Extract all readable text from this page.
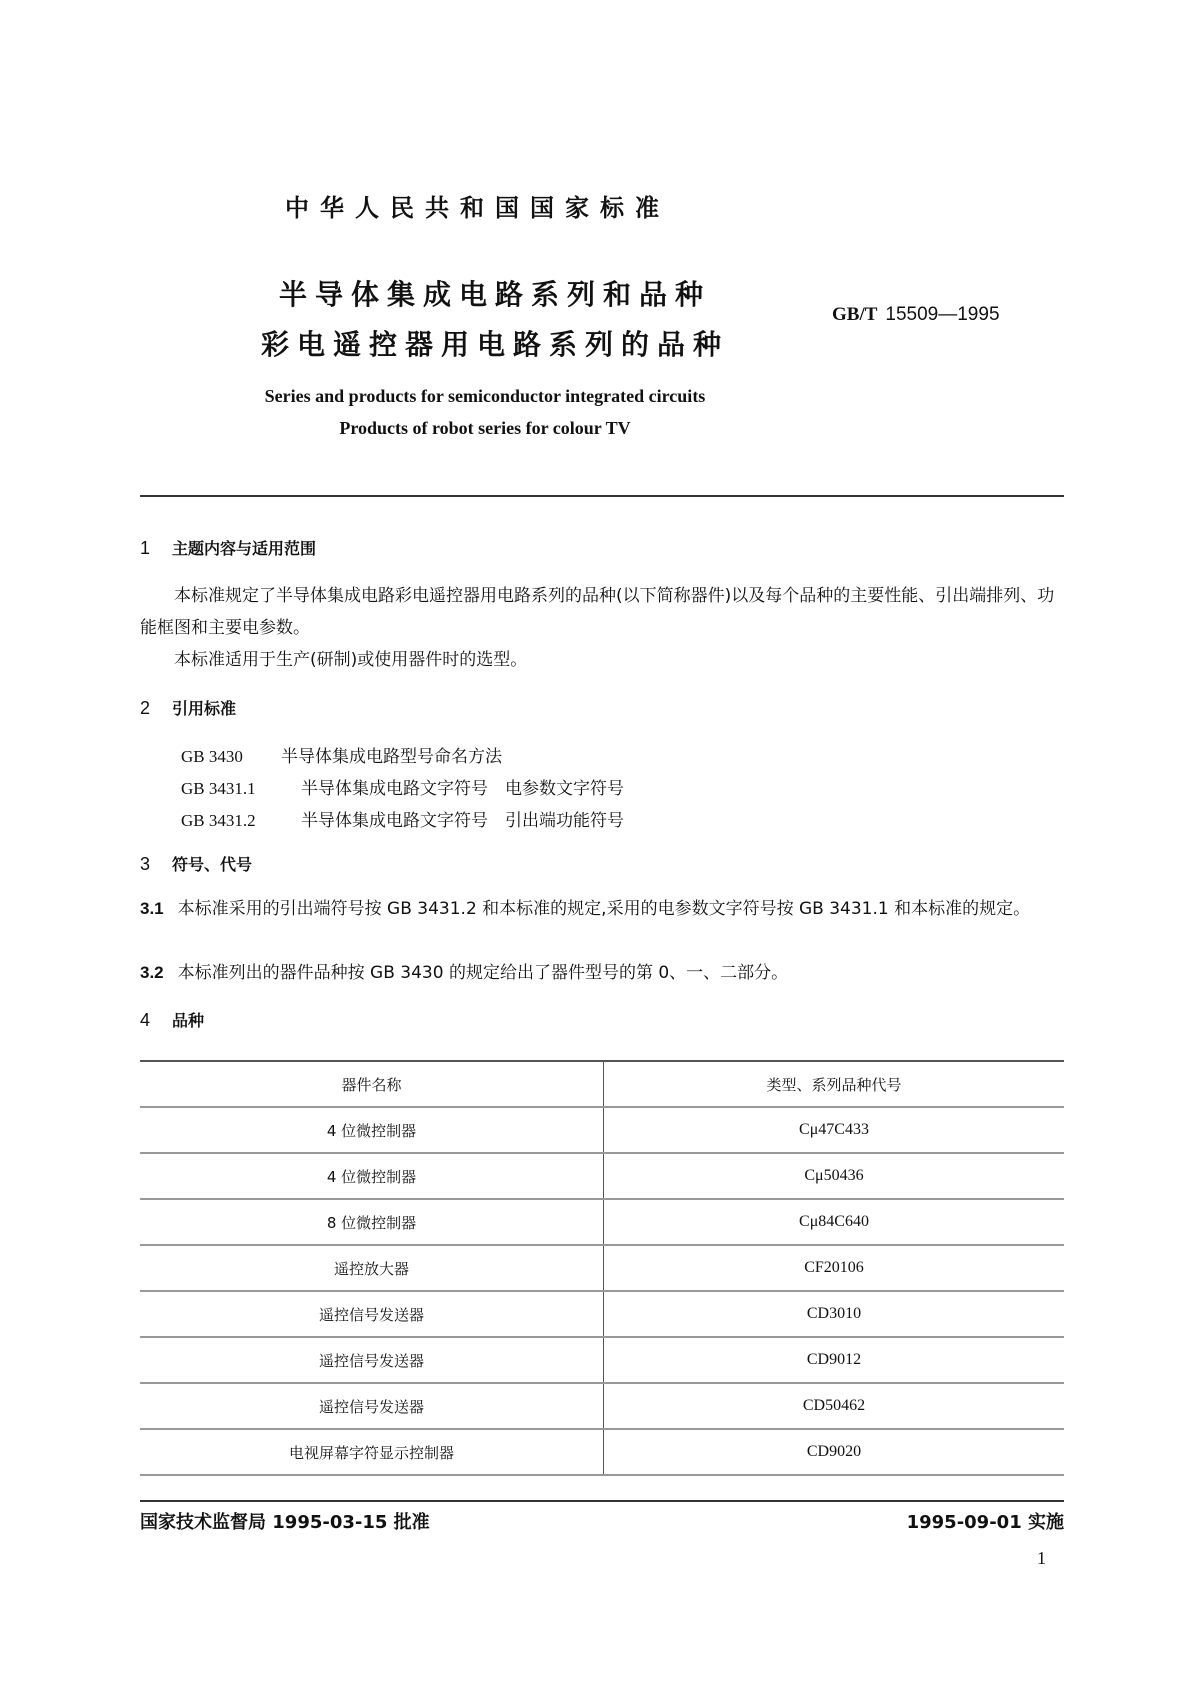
中华人民共和国国家标准
半导体集成电路系列和品种
彩电遥控器用电路系列的品种
GB/T 15509—1995
Series and products for semiconductor integrated circuits
Products of robot series for colour TV
1 主题内容与适用范围
本标准规定了半导体集成电路彩电遥控器用电路系列的品种(以下简称器件)以及每个品种的主要性能、引出端排列、功能框图和主要电参数。
本标准适用于生产(研制)或使用器件时的选型。
2 引用标准
GB 3430 半导体集成电路型号命名方法
GB 3431.1	半导体集成电路文字符号　电参数文字符号
GB 3431.2	半导体集成电路文字符号　引出端功能符号
3 符号、代号
3.1 本标准采用的引出端符号按 GB 3431.2 和本标准的规定,采用的电参数文字符号按 GB 3431.1 和本标准的规定。
3.2 本标准列出的器件品种按 GB 3430 的规定给出了器件型号的第 0、一、二部分。
4 品种
器件名称	类型、系列品种代号
4 位微控制器	Cμ47C433
4 位微控制器	Cμ50436
8 位微控制器	Cμ84C640
遥控放大器	CF20106
遥控信号发送器	CD3010
遥控信号发送器	CD9012
遥控信号发送器	CD50462
电视屏幕字符显示控制器	CD9020
国家技术监督局 1995-03-15 批准	1995-09-01 实施
1
